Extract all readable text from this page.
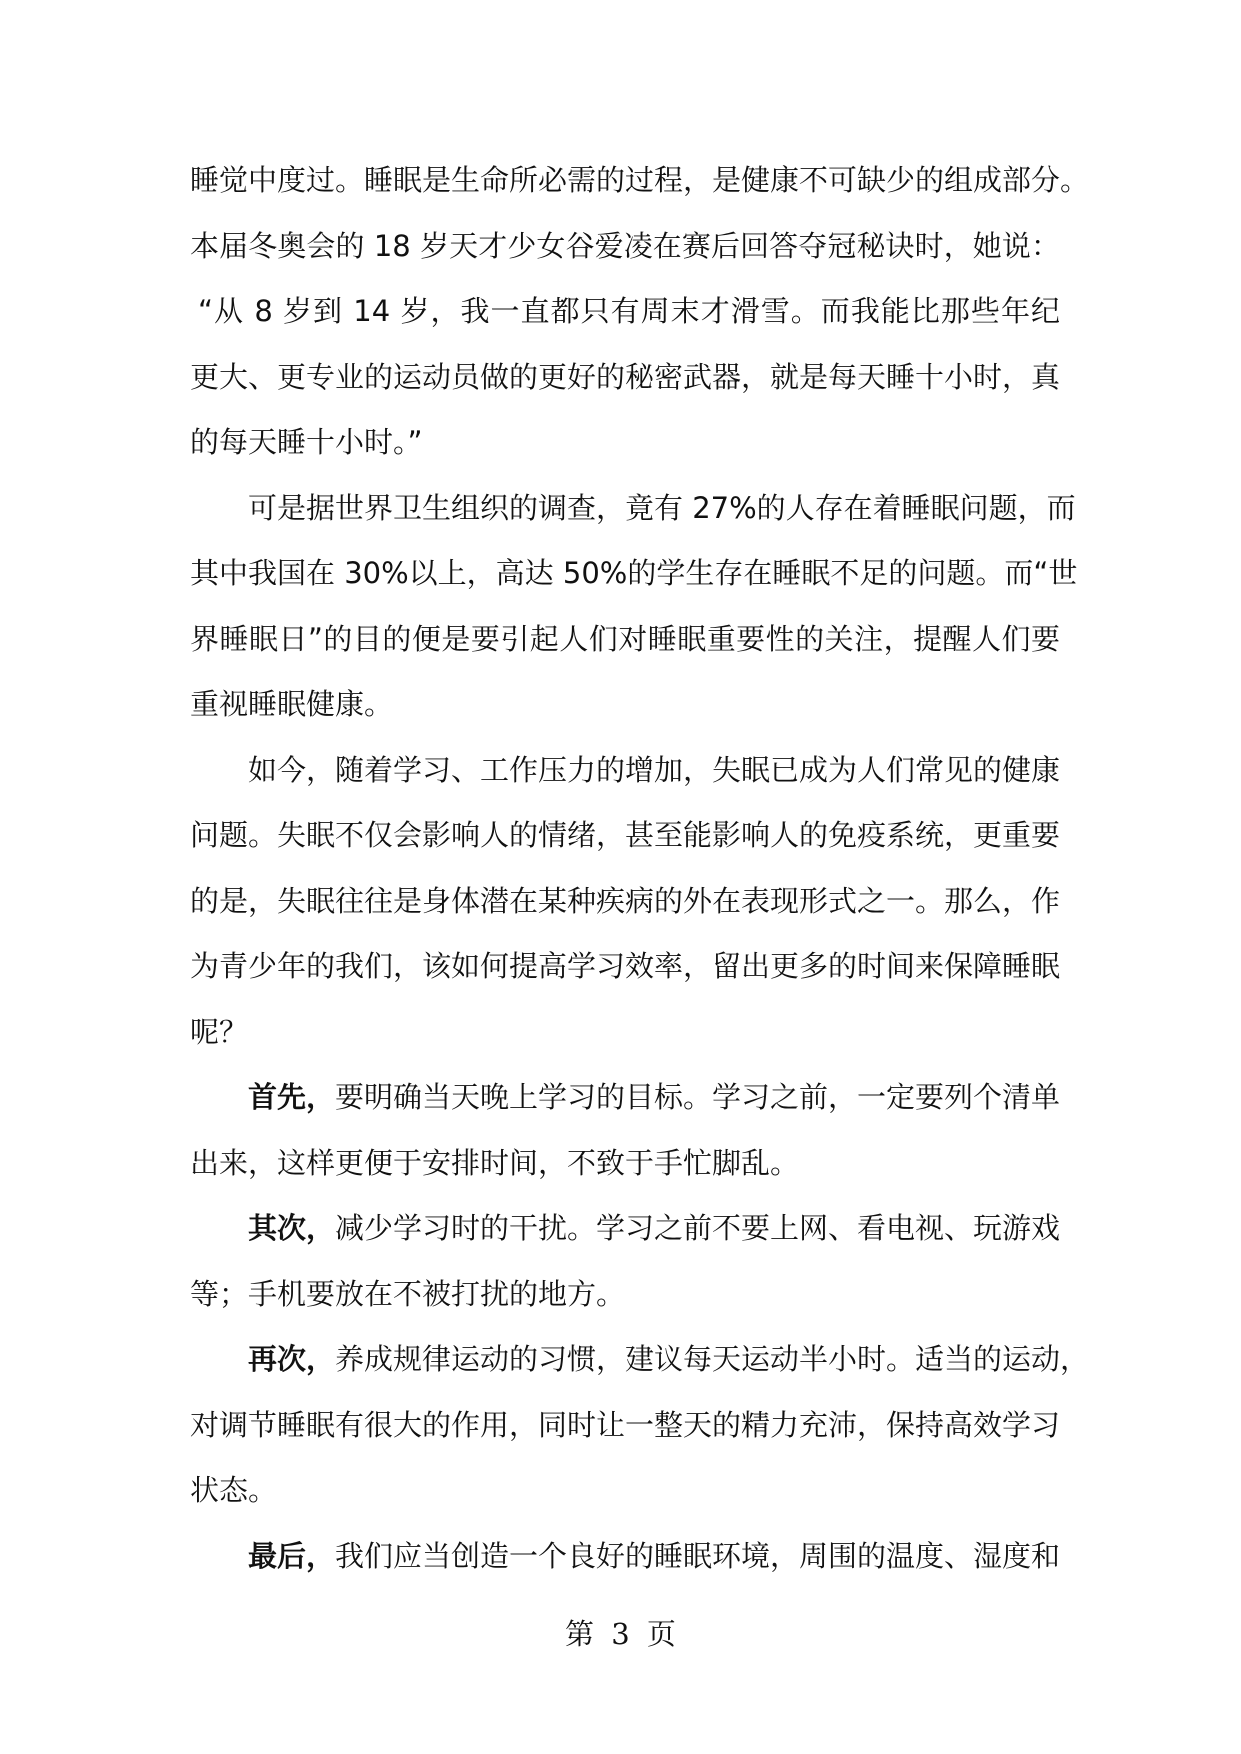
睡觉中度过。睡眠是生命所必需的过程，是健康不可缺少的组成部分。
本届冬奥会的 18 岁天才少女谷爱凌在赛后回答夺冠秘诀时，她说：
“从 8 岁到 14 岁，我一直都只有周末才滑雪。而我能比那些年纪
更大、更专业的运动员做的更好的秘密武器，就是每天睡十小时，真
的每天睡十小时。”
可是据世界卫生组织的调查，竟有 27%的人存在着睡眠问题，而
其中我国在 30%以上，高达 50%的学生存在睡眠不足的问题。而“世
界睡眠日”的目的便是要引起人们对睡眠重要性的关注，提醒人们要
重视睡眠健康。
如今，随着学习、工作压力的增加，失眠已成为人们常见的健康
问题。失眠不仅会影响人的情绪，甚至能影响人的免疫系统，更重要
的是，失眠往往是身体潜在某种疾病的外在表现形式之一。那么，作
为青少年的我们，该如何提高学习效率，留出更多的时间来保障睡眠
呢？
首先，要明确当天晚上学习的目标。学习之前，一定要列个清单
出来，这样更便于安排时间，不致于手忙脚乱。
其次，减少学习时的干扰。学习之前不要上网、看电视、玩游戏
等；手机要放在不被打扰的地方。
再次，养成规律运动的习惯，建议每天运动半小时。适当的运动，
对调节睡眠有很大的作用，同时让一整天的精力充沛，保持高效学习
状态。
最后，我们应当创造一个良好的睡眠环境，周围的温度、湿度和
第 3 页
